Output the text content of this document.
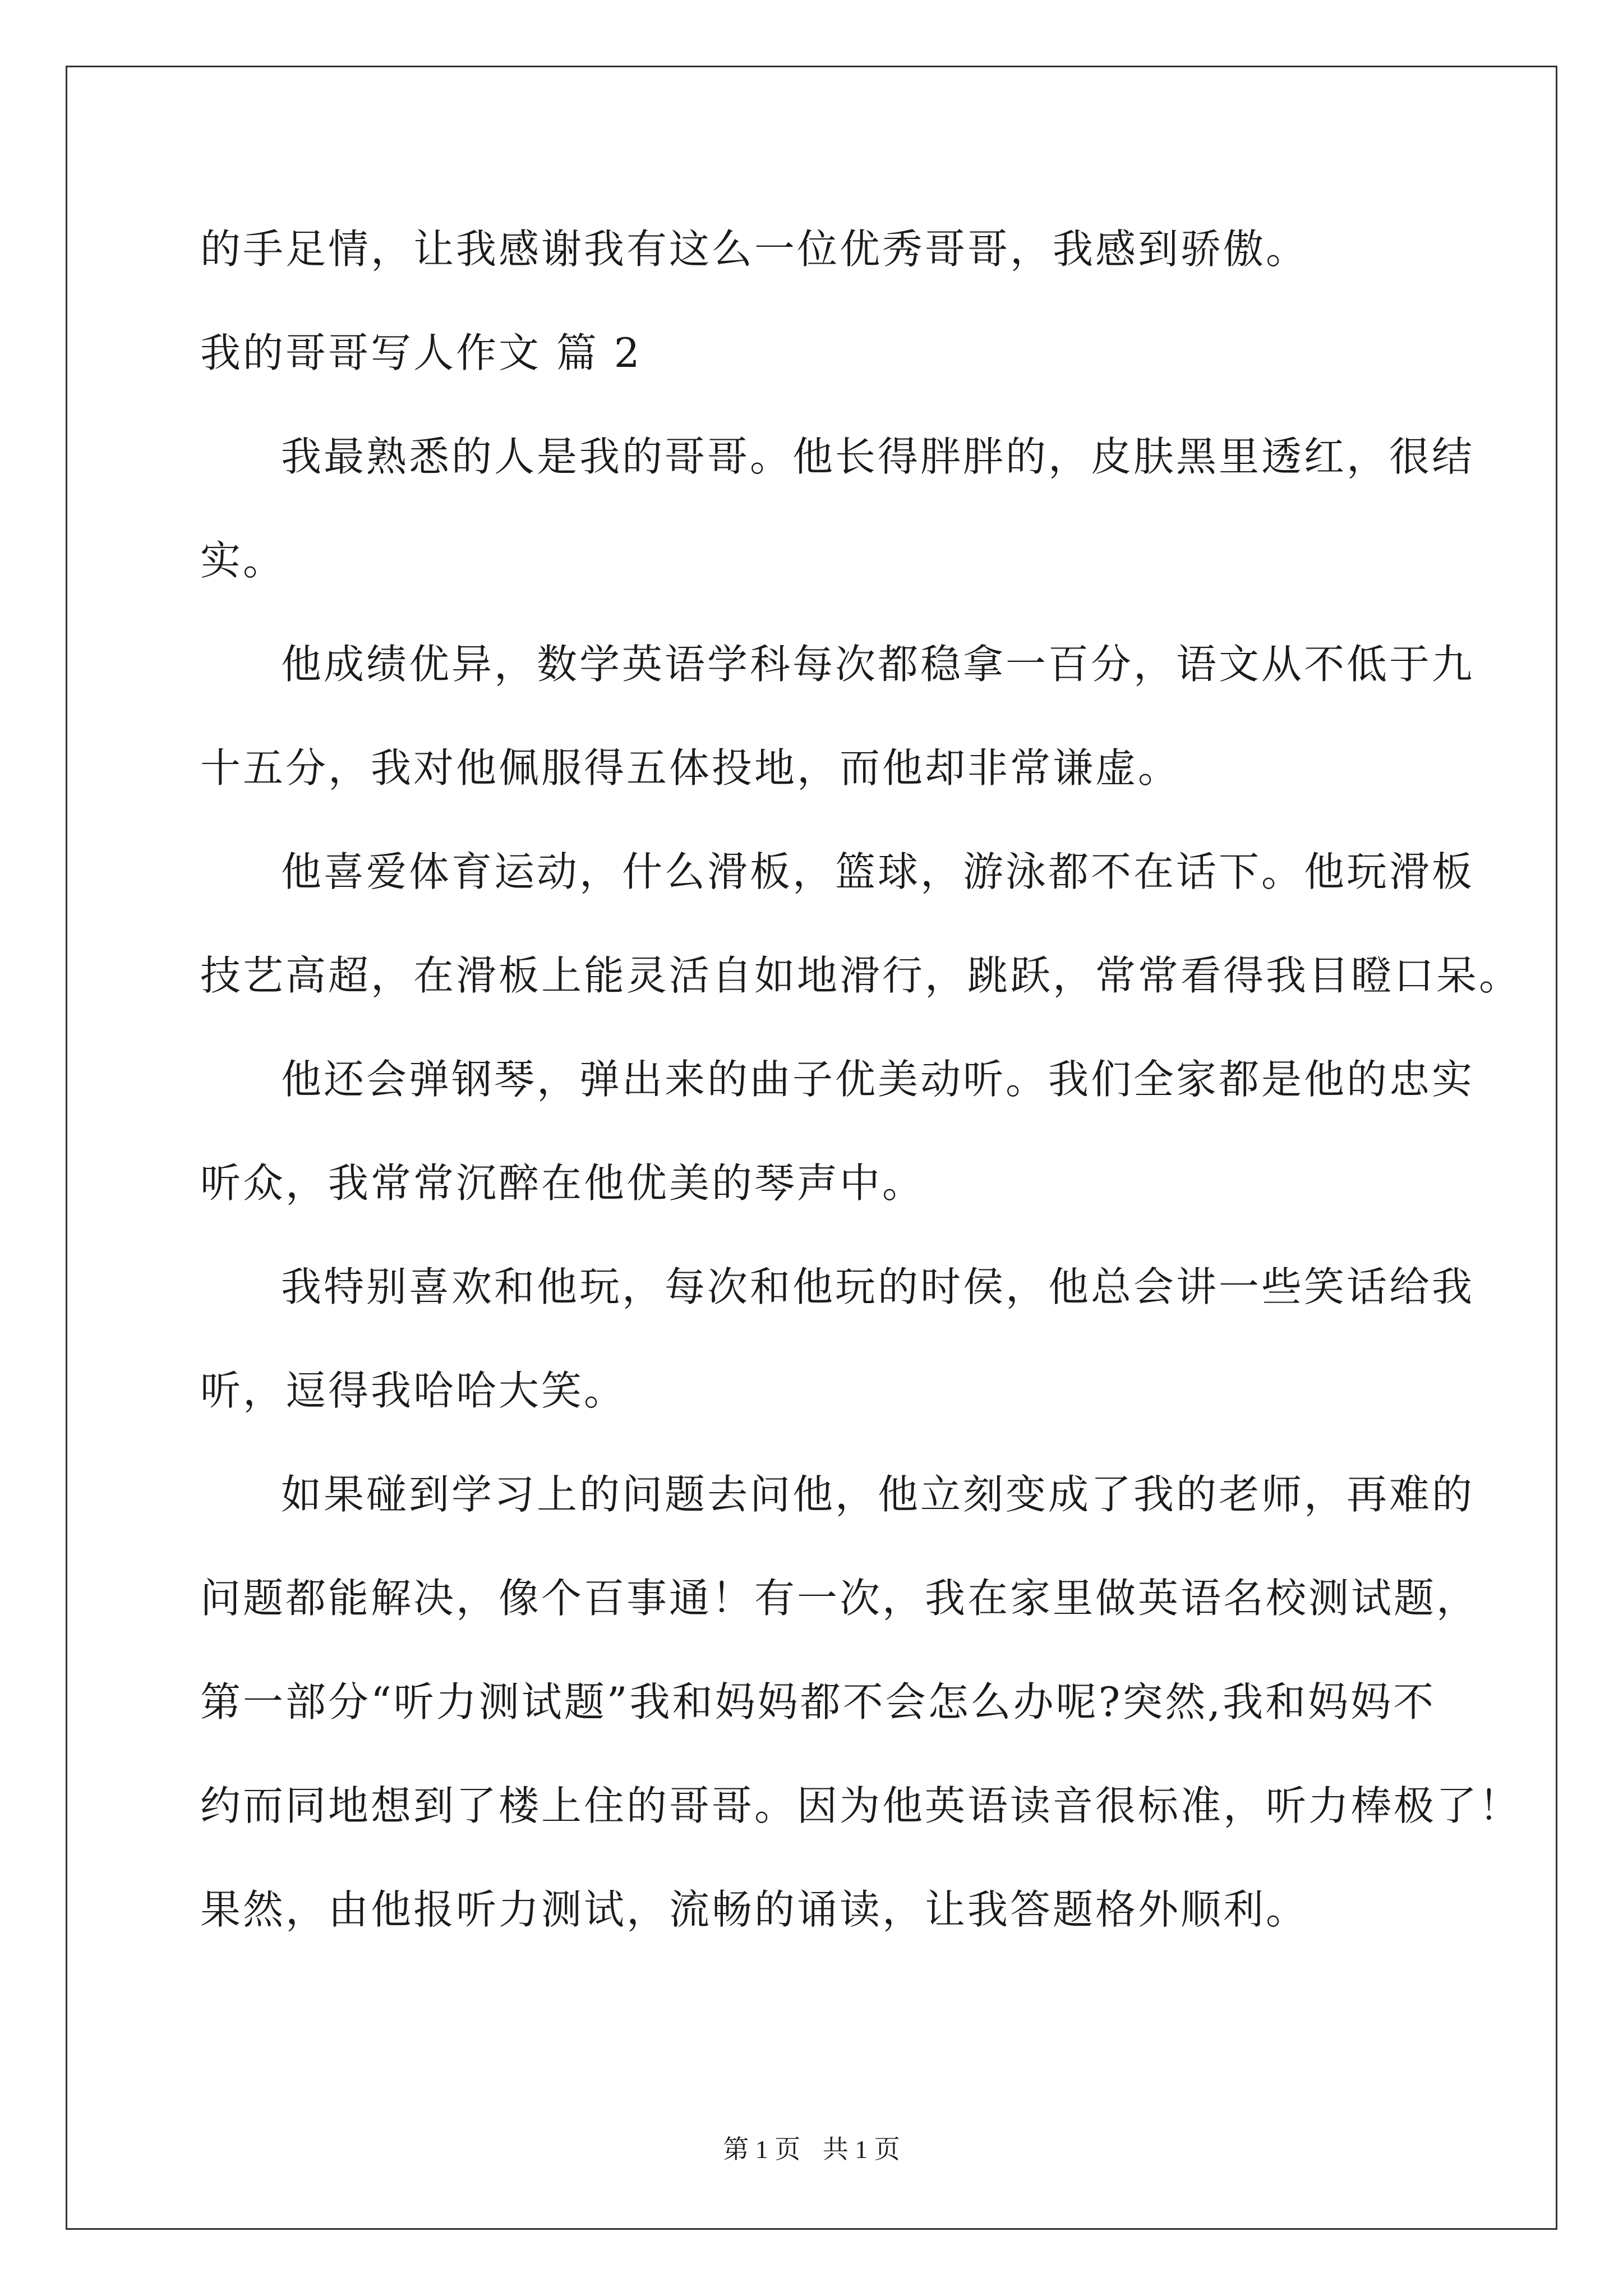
的手足情，让我感谢我有这么一位优秀哥哥，我感到骄傲。
我的哥哥写人作文 篇 2
我最熟悉的人是我的哥哥。他长得胖胖的，皮肤黑里透红，很结
实。
他成绩优异，数学英语学科每次都稳拿一百分，语文从不低于九
十五分，我对他佩服得五体投地，而他却非常谦虚。
他喜爱体育运动，什么滑板，篮球，游泳都不在话下。他玩滑板
技艺高超，在滑板上能灵活自如地滑行，跳跃，常常看得我目瞪口呆。
他还会弹钢琴，弹出来的曲子优美动听。我们全家都是他的忠实
听众，我常常沉醉在他优美的琴声中。
我特别喜欢和他玩，每次和他玩的时侯，他总会讲一些笑话给我
听，逗得我哈哈大笑。
如果碰到学习上的问题去问他，他立刻变成了我的老师，再难的
问题都能解决，像个百事通！有一次，我在家里做英语名校测试题，
第一部分“听力测试题”我和妈妈都不会怎么办呢?突然,我和妈妈不
约而同地想到了楼上住的哥哥。因为他英语读音很标准，听力棒极了！
果然，由他报听力测试，流畅的诵读，让我答题格外顺利。
第 1 页 共 1 页
